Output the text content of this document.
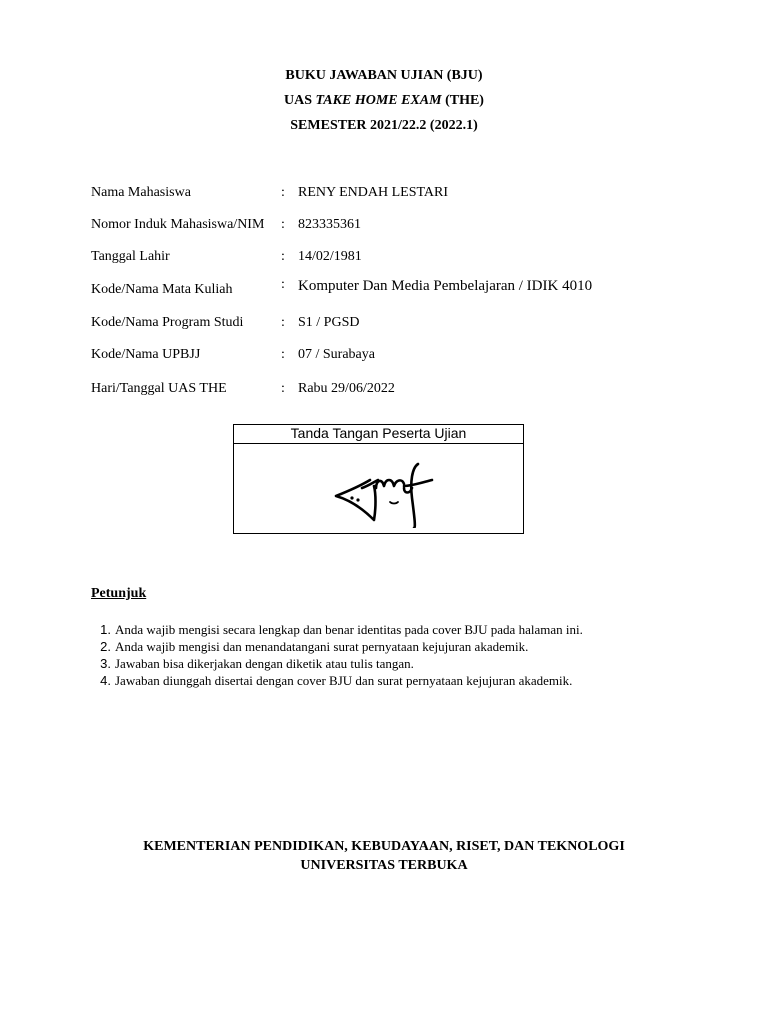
BUKU JAWABAN UJIAN (BJU)
UAS TAKE HOME EXAM (THE)
SEMESTER 2021/22.2 (2022.1)
Nama Mahasiswa	: RENY ENDAH LESTARI
Nomor Induk Mahasiswa/NIM : 823335361
Tanggal Lahir	: 14/02/1981
Kode/Nama Mata Kuliah	: Komputer Dan Media Pembelajaran / IDIK 4010
Kode/Nama Program Studi	: S1 / PGSD
Kode/Nama UPBJJ	: 07 / Surabaya
Hari/Tanggal UAS THE	: Rabu 29/06/2022
Tanda Tangan Peserta Ujian
Petunjuk
1. Anda wajib mengisi secara lengkap dan benar identitas pada cover BJU pada halaman ini.
2. Anda wajib mengisi dan menandatangani surat pernyataan kejujuran akademik.
3. Jawaban bisa dikerjakan dengan diketik atau tulis tangan.
4. Jawaban diunggah disertai dengan cover BJU dan surat pernyataan kejujuran akademik.
KEMENTERIAN PENDIDIKAN, KEBUDAYAAN, RISET, DAN TEKNOLOGI
UNIVERSITAS TERBUKA
